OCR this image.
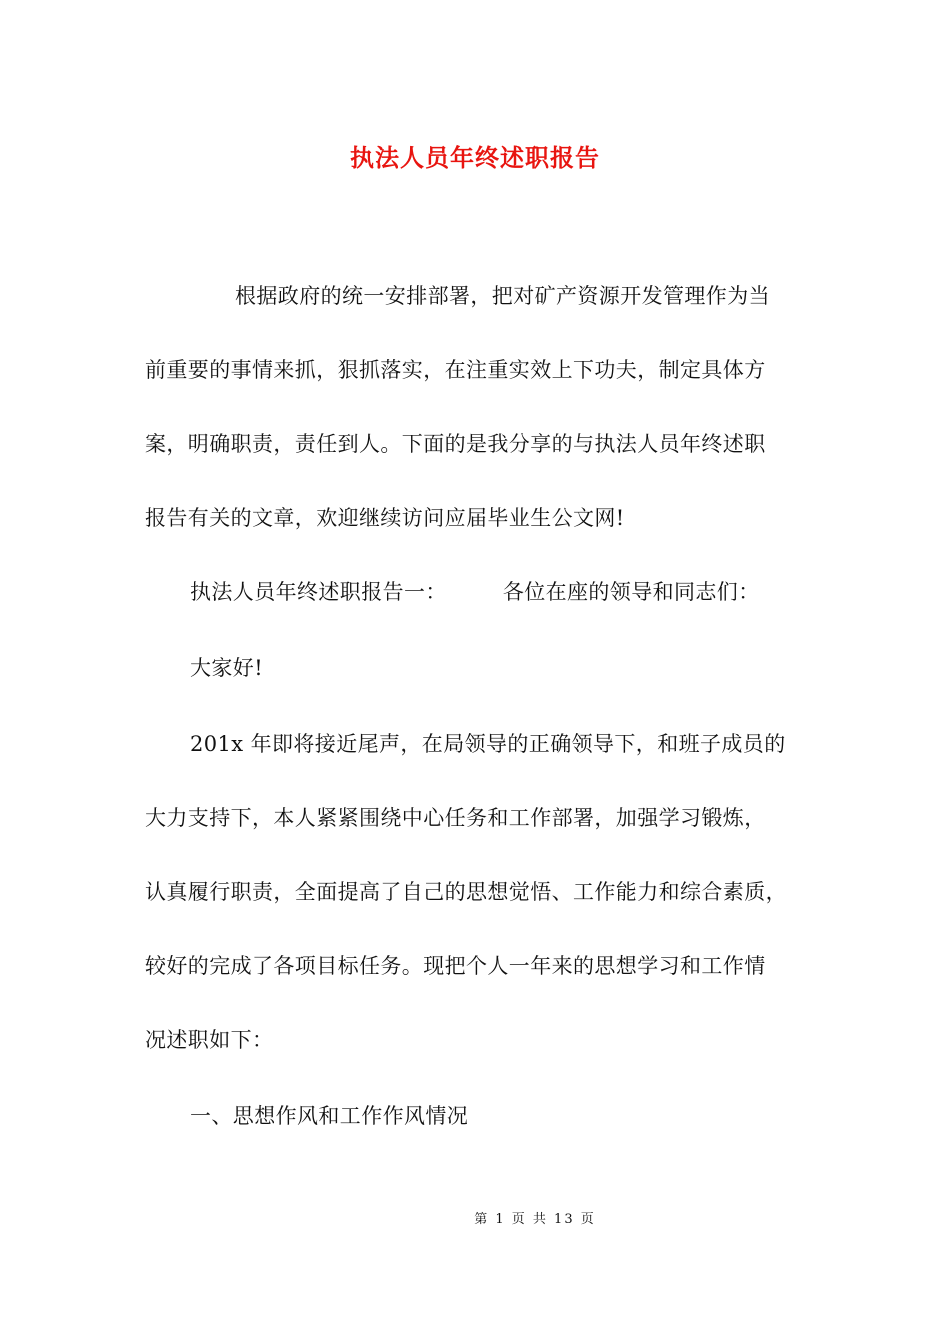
执法人员年终述职报告
根据政府的统一安排部署，把对矿产资源开发管理作为当
前重要的事情来抓，狠抓落实，在注重实效上下功夫，制定具体方
案，明确职责，责任到人。下面的是我分享的与执法人员年终述职
报告有关的文章，欢迎继续访问应届毕业生公文网!
执法人员年终述职报告一：	各位在座的领导和同志们：
大家好!
201x 年即将接近尾声，在局领导的正确领导下，和班子成员的
大力支持下，本人紧紧围绕中心任务和工作部署，加强学习锻炼，
认真履行职责，全面提高了自己的思想觉悟、工作能力和综合素质，
较好的完成了各项目标任务。现把个人一年来的思想学习和工作情
况述职如下：
一、思想作风和工作作风情况
第 1 页 共 13 页
